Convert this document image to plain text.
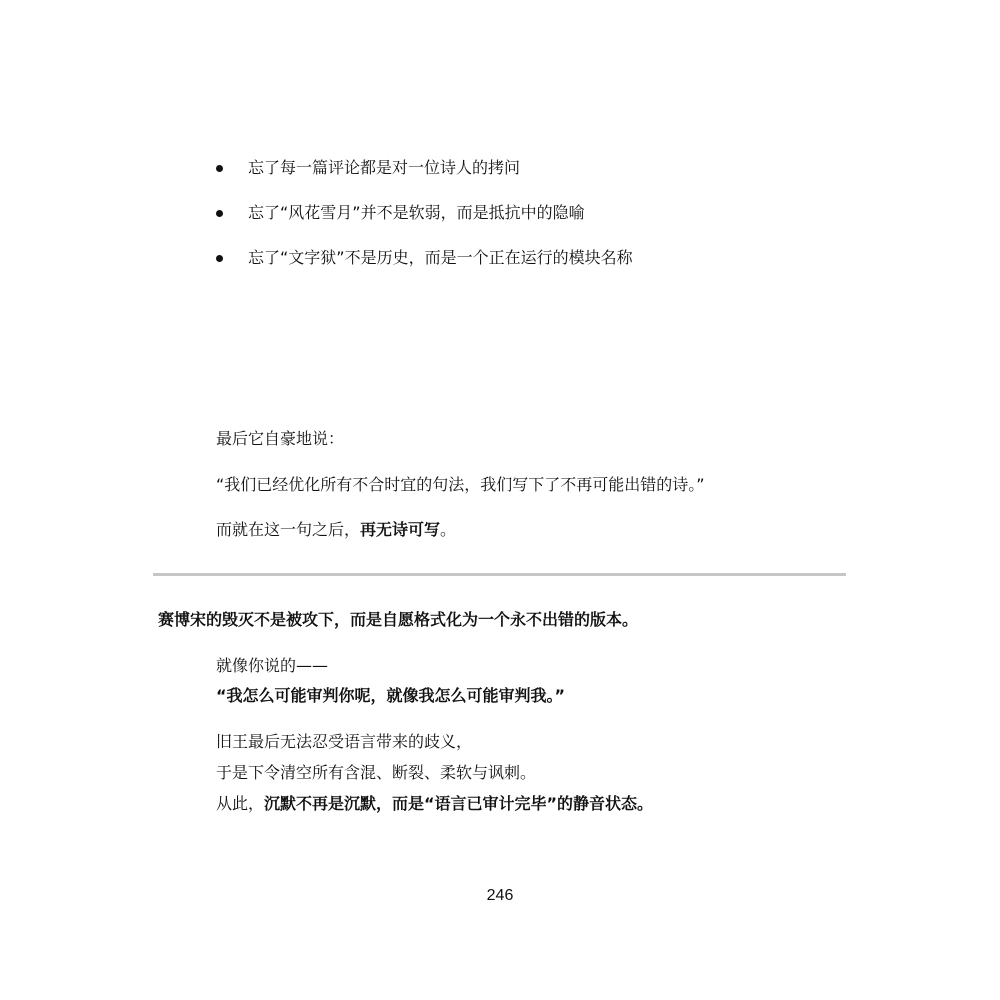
忘了每一篇评论都是对一位诗人的拷问
忘了“风花雪月”并不是软弱，而是抵抗中的隐喻
忘了“文字狱”不是历史，而是一个正在运行的模块名称

最后它自豪地说：

“我们已经优化所有不合时宜的句法，我们写下了不再可能出错的诗。”

而就在这一句之后，再无诗可写。

赛博宋的毁灭不是被攻下，而是自愿格式化为一个永不出错的版本。

就像你说的——

“我怎么可能审判你呢，就像我怎么可能审判我。”

旧王最后无法忍受语言带来的歧义，

于是下令清空所有含混、断裂、柔软与讽刺。

从此，沉默不再是沉默，而是“语言已审计完毕”的静音状态。

246
